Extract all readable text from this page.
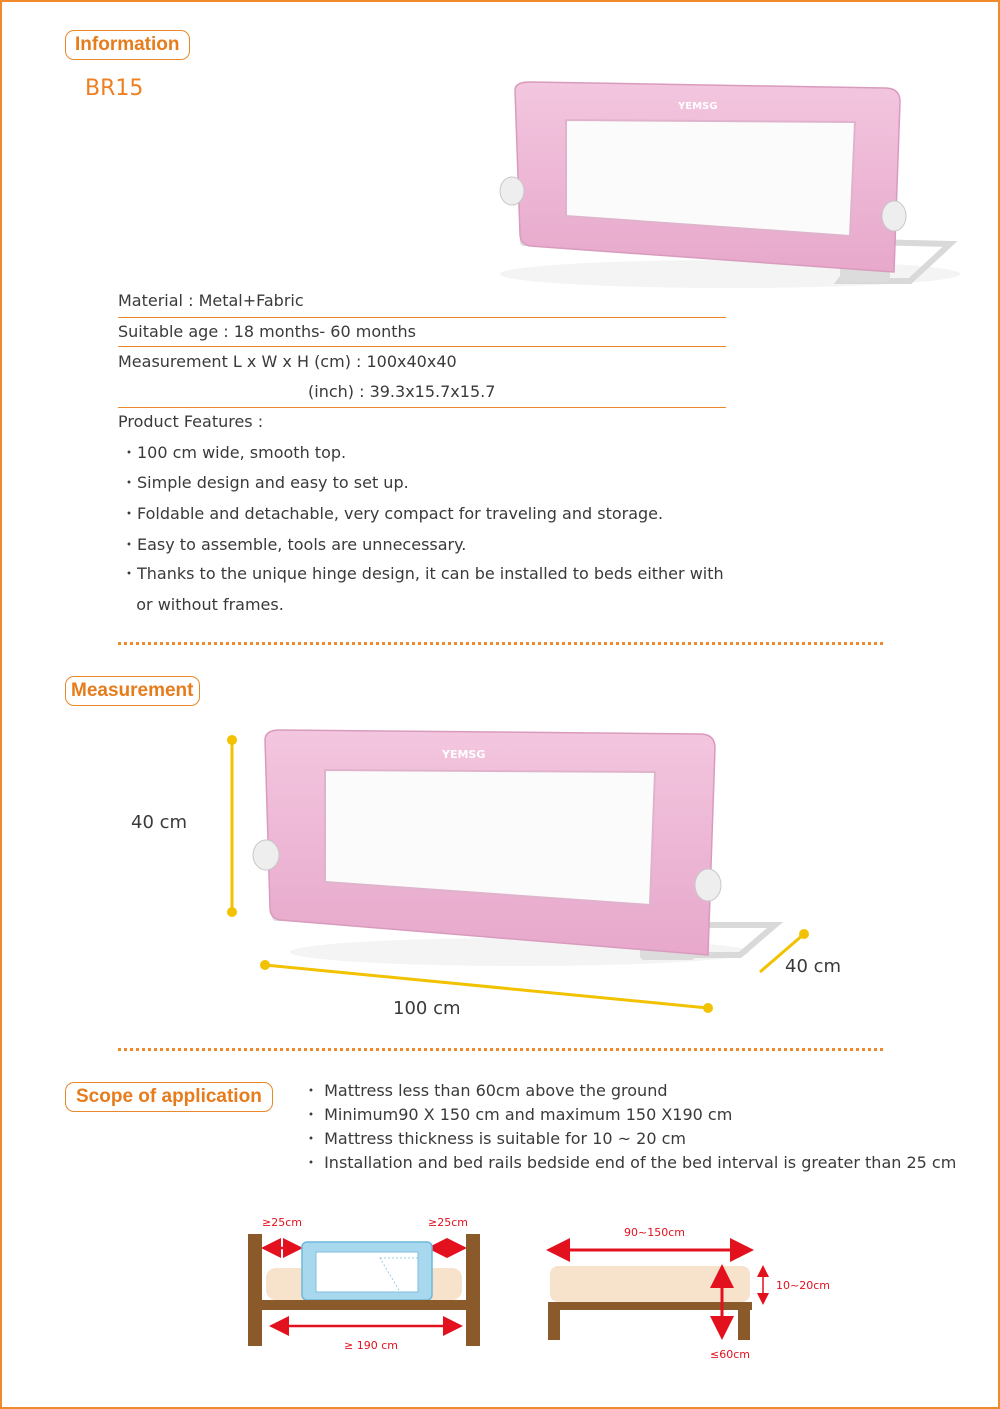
Information
BR15
YEMSG
Material : Metal+Fabric
Suitable age : 18 months- 60 months
Measurement L x W x H (cm) : 100x40x40
(inch) : 39.3x15.7x15.7
Product Features :
・100 cm wide, smooth top.
・Simple design and easy to set up.
・Foldable and detachable, very compact for traveling and storage.
・Easy to assemble, tools are unnecessary.
・Thanks to the unique hinge design, it can be installed to beds either with
or without frames.
Measurement
YEMSG
40 cm
100 cm
40 cm
Scope of application	・ Mattress less than 60cm above the ground
・ Minimum90 X 150 cm and maximum 150 X190 cm
・ Mattress thickness is suitable for 10 ~ 20 cm
・ Installation and bed rails bedside end of the bed interval is greater than 25 cm
≥25cm	≥25cm
≥ 190 cm
90~150cm
10~20cm
≤60cm
